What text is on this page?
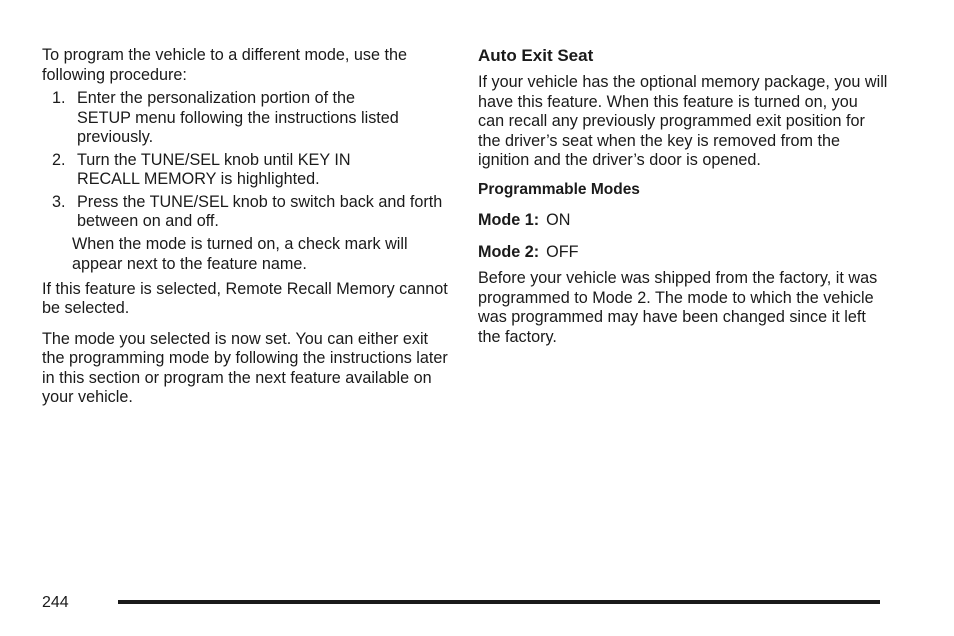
To program the vehicle to a different mode, use the following procedure:

1. Enter the personalization portion of the SETUP menu following the instructions listed previously.
2. Turn the TUNE/SEL knob until KEY IN RECALL MEMORY is highlighted.
3. Press the TUNE/SEL knob to switch back and forth between on and off.
When the mode is turned on, a check mark will appear next to the feature name.

If this feature is selected, Remote Recall Memory cannot be selected.

The mode you selected is now set. You can either exit the programming mode by following the instructions later in this section or program the next feature available on your vehicle.

Auto Exit Seat

If your vehicle has the optional memory package, you will have this feature. When this feature is turned on, you can recall any previously programmed exit position for the driver’s seat when the key is removed from the ignition and the driver’s door is opened.

Programmable Modes
Mode 1: ON
Mode 2: OFF

Before your vehicle was shipped from the factory, it was programmed to Mode 2. The mode to which the vehicle was programmed may have been changed since it left the factory.

244
